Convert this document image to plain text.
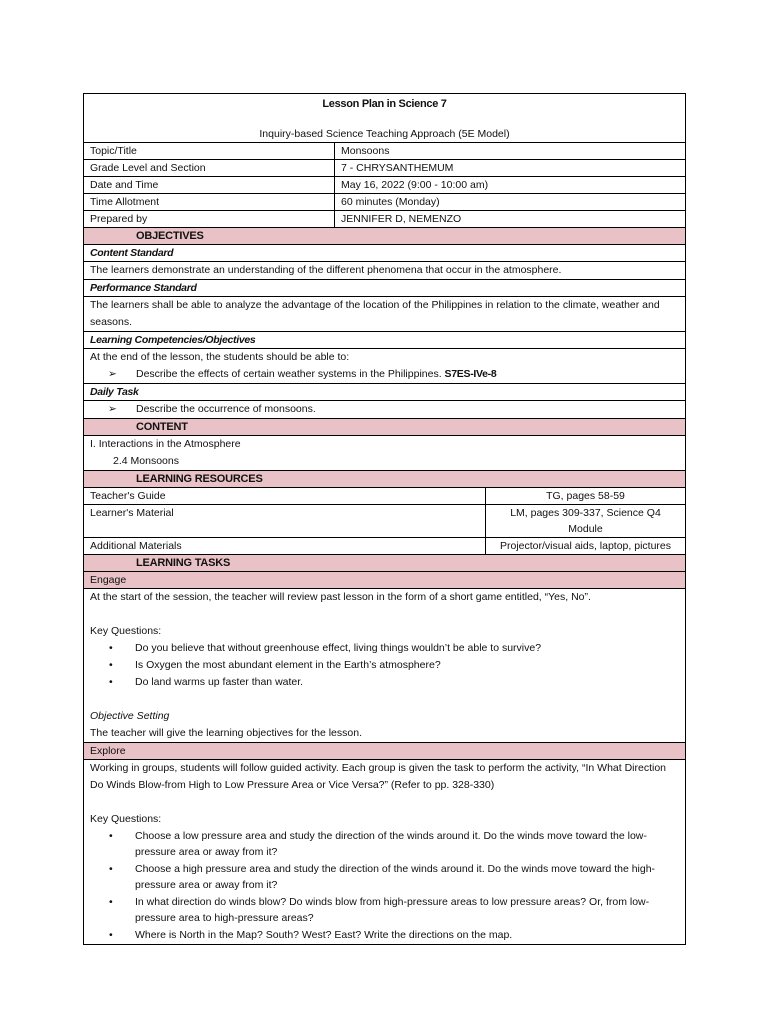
Lesson Plan in Science 7
Inquiry-based Science Teaching Approach (5E Model)
Topic/Title	Monsoons
Grade Level and Section	7 - CHRYSANTHEMUM
Date and Time	May 16, 2022 (9:00 - 10:00 am)
Time Allotment	60 minutes (Monday)
Prepared by	JENNIFER D, NEMENZO
OBJECTIVES
Content Standard
The learners demonstrate an understanding of the different phenomena that occur in the atmosphere.
Performance Standard
The learners shall be able to analyze the advantage of the location of the Philippines in relation to the climate, weather and seasons.
Learning Competencies/Objectives
At the end of the lesson, the students should be able to:
➢ Describe the effects of certain weather systems in the Philippines. S7ES-IVe-8
Daily Task
➢ Describe the occurrence of monsoons.
CONTENT
I. Interactions in the Atmosphere
2.4 Monsoons
LEARNING RESOURCES
Teacher's Guide	TG, pages 58-59
Learner's Material	LM, pages 309-337, Science Q4 Module
Additional Materials	Projector/visual aids, laptop, pictures
LEARNING TASKS
Engage
At the start of the session, the teacher will review past lesson in the form of a short game entitled, “Yes, No”.
Key Questions:
• Do you believe that without greenhouse effect, living things wouldn’t be able to survive?
• Is Oxygen the most abundant element in the Earth’s atmosphere?
• Do land warms up faster than water.
Objective Setting
The teacher will give the learning objectives for the lesson.
Explore
Working in groups, students will follow guided activity. Each group is given the task to perform the activity, “In What Direction Do Winds Blow-from High to Low Pressure Area or Vice Versa?” (Refer to pp. 328-330)
Key Questions:
• Choose a low pressure area and study the direction of the winds around it. Do the winds move toward the low-pressure area or away from it?
• Choose a high pressure area and study the direction of the winds around it. Do the winds move toward the high-pressure area or away from it?
• In what direction do winds blow? Do winds blow from high-pressure areas to low pressure areas? Or, from low-pressure area to high-pressure areas?
• Where is North in the Map? South? West? East? Write the directions on the map.
